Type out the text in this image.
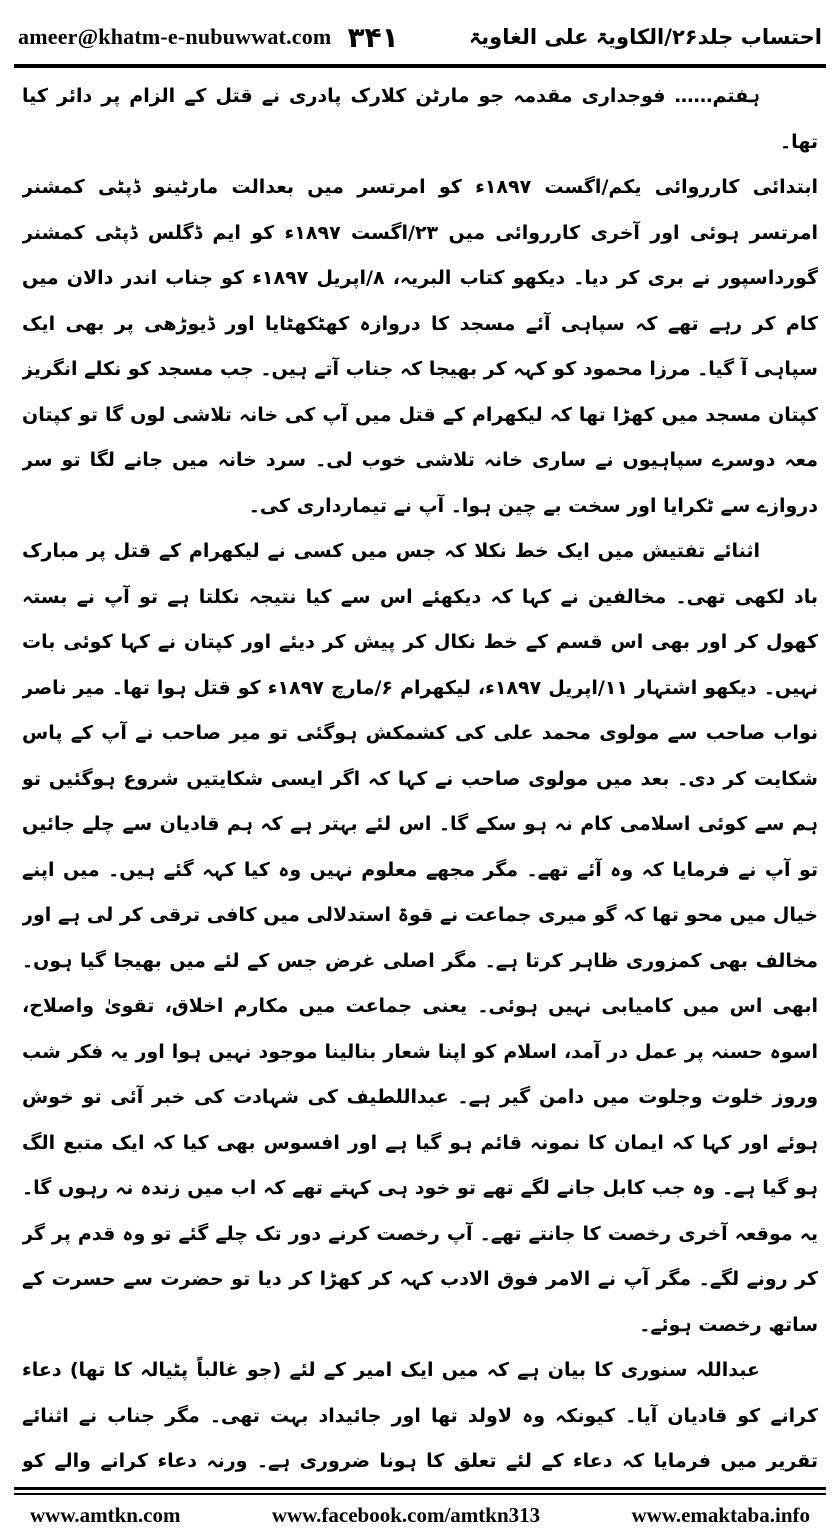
ameer@khatm-e-nubuwwat.com ۳۴۱	احتساب جلد۲۶/الکاویۃ علی الغاویۃ

ہفتم…… فوجداری مقدمہ جو مارٹن کلارک پادری نے قتل کے الزام پر دائر کیا تھا۔

ابتدائی کارروائی یکم/اگست ۱۸۹۷ء کو امرتسر میں بعدالت مارٹینو ڈپٹی کمشنر امرتسر ہوئی اور آخری کارروائی میں ۲۳/اگست ۱۸۹۷ء کو ایم ڈگلس ڈپٹی کمشنر گورداسپور نے بری کر دیا۔ دیکھو کتاب البریہ، ۸/اپریل ۱۸۹۷ء کو جناب اندر دالان میں کام کر رہے تھے کہ سپاہی آئے مسجد کا دروازہ کھٹکھٹایا اور ڈیوڑھی پر بھی ایک سپاہی آ گیا۔ مرزا محمود کو کہہ کر بھیجا کہ جناب آتے ہیں۔ جب مسجد کو نکلے انگریز کپتان مسجد میں کھڑا تھا کہ لیکھرام کے قتل میں آپ کی خانہ تلاشی لوں گا تو کپتان معہ دوسرے سپاہیوں نے ساری خانہ تلاشی خوب لی۔ سرد خانہ میں جانے لگا تو سر دروازے سے ٹکرایا اور سخت بے چین ہوا۔ آپ نے تیمارداری کی۔

اثنائے تفتیش میں ایک خط نکلا کہ جس میں کسی نے لیکھرام کے قتل پر مبارک باد لکھی تھی۔ مخالفین نے کہا کہ دیکھئے اس سے کیا نتیجہ نکلتا ہے تو آپ نے بستہ کھول کر اور بھی اس قسم کے خط نکال کر پیش کر دیئے اور کپتان نے کہا کوئی بات نہیں۔ دیکھو اشتہار ۱۱/اپریل ۱۸۹۷ء، لیکھرام ۶/مارچ ۱۸۹۷ء کو قتل ہوا تھا۔ میر ناصر نواب صاحب سے مولوی محمد علی کی کشمکش ہوگئی تو میر صاحب نے آپ کے پاس شکایت کر دی۔ بعد میں مولوی صاحب نے کہا کہ اگر ایسی شکایتیں شروع ہوگئیں تو ہم سے کوئی اسلامی کام نہ ہو سکے گا۔ اس لئے بہتر ہے کہ ہم قادیان سے چلے جائیں تو آپ نے فرمایا کہ وہ آئے تھے۔ مگر مجھے معلوم نہیں وہ کیا کہہ گئے ہیں۔ میں اپنے خیال میں محو تھا کہ گو میری جماعت نے قوۃ استدلالی میں کافی ترقی کر لی ہے اور مخالف بھی کمزوری ظاہر کرتا ہے۔ مگر اصلی غرض جس کے لئے میں بھیجا گیا ہوں۔ ابھی اس میں کامیابی نہیں ہوئی۔ یعنی جماعت میں مکارم اخلاق، تقویٰ واصلاح، اسوہ حسنہ پر عمل در آمد، اسلام کو اپنا شعار بنالینا موجود نہیں ہوا اور یہ فکر شب وروز خلوت وجلوت میں دامن گیر ہے۔ عبداللطیف کی شہادت کی خبر آئی تو خوش ہوئے اور کہا کہ ایمان کا نمونہ قائم ہو گیا ہے اور افسوس بھی کیا کہ ایک متبع الگ ہو گیا ہے۔ وہ جب کابل جانے لگے تھے تو خود ہی کہتے تھے کہ اب میں زندہ نہ رہوں گا۔ یہ موقعہ آخری رخصت کا جانتے تھے۔ آپ رخصت کرنے دور تک چلے گئے تو وہ قدم پر گر کر رونے لگے۔ مگر آپ نے الامر فوق الادب کہہ کر کھڑا کر دیا تو حضرت سے حسرت کے ساتھ رخصت ہوئے۔

عبداللہ سنوری کا بیان ہے کہ میں ایک امیر کے لئے (جو غالباً پٹیالہ کا تھا) دعاء کرانے کو قادیان آیا۔ کیونکہ وہ لاولد تھا اور جائیداد بہت تھی۔ مگر جناب نے اثنائے تقریر میں فرمایا کہ دعاء کے لئے تعلق کا ہونا ضروری ہے۔ ورنہ دعاء کرانے والے کو

www.amtkn.com	www.facebook.com/amtkn313	www.emaktaba.info
